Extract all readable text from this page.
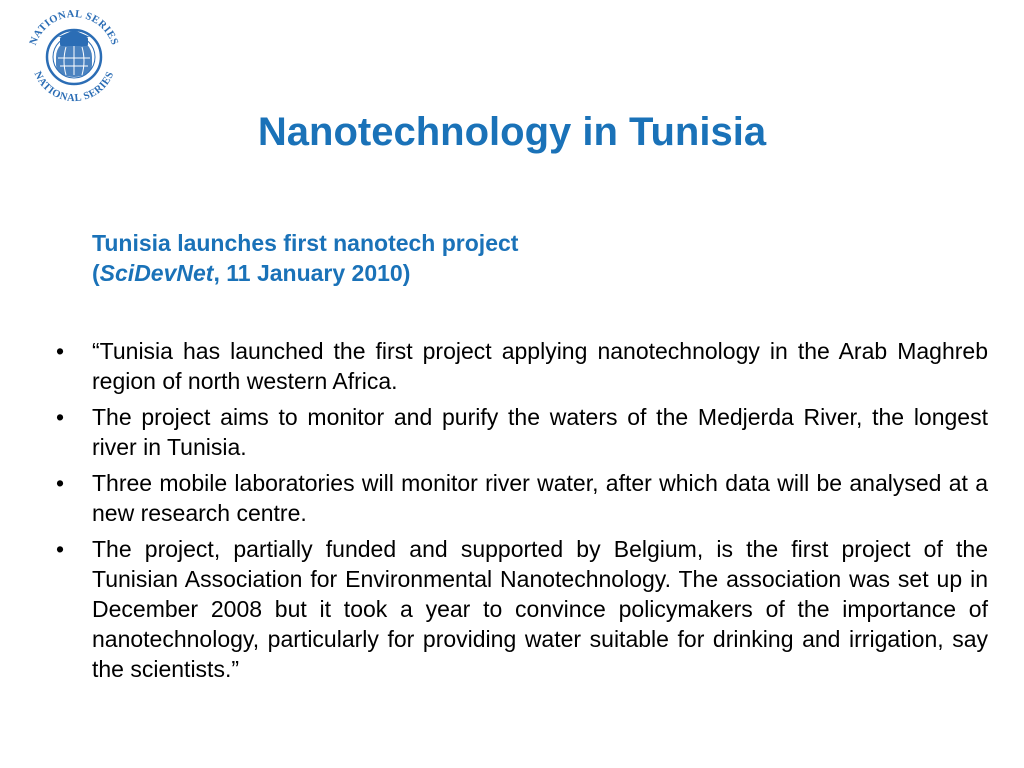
NATIONAL SERIES
NATIONAL SERIES
Nanotechnology in Tunisia
Tunisia launches first nanotech project
(SciDevNet, 11 January 2010)
• “Tunisia has launched the first project applying nanotechnology in the Arab Maghreb region of north western Africa.
• The project aims to monitor and purify the waters of the Medjerda River, the longest river in Tunisia.
• Three mobile laboratories will monitor river water, after which data will be analysed at a new research centre.
• The project, partially funded and supported by Belgium, is the first project of the Tunisian Association for Environmental Nanotechnology. The association was set up in December 2008 but it took a year to convince policymakers of the importance of nanotechnology, particularly for providing water suitable for drinking and irrigation, say the scientists.”
